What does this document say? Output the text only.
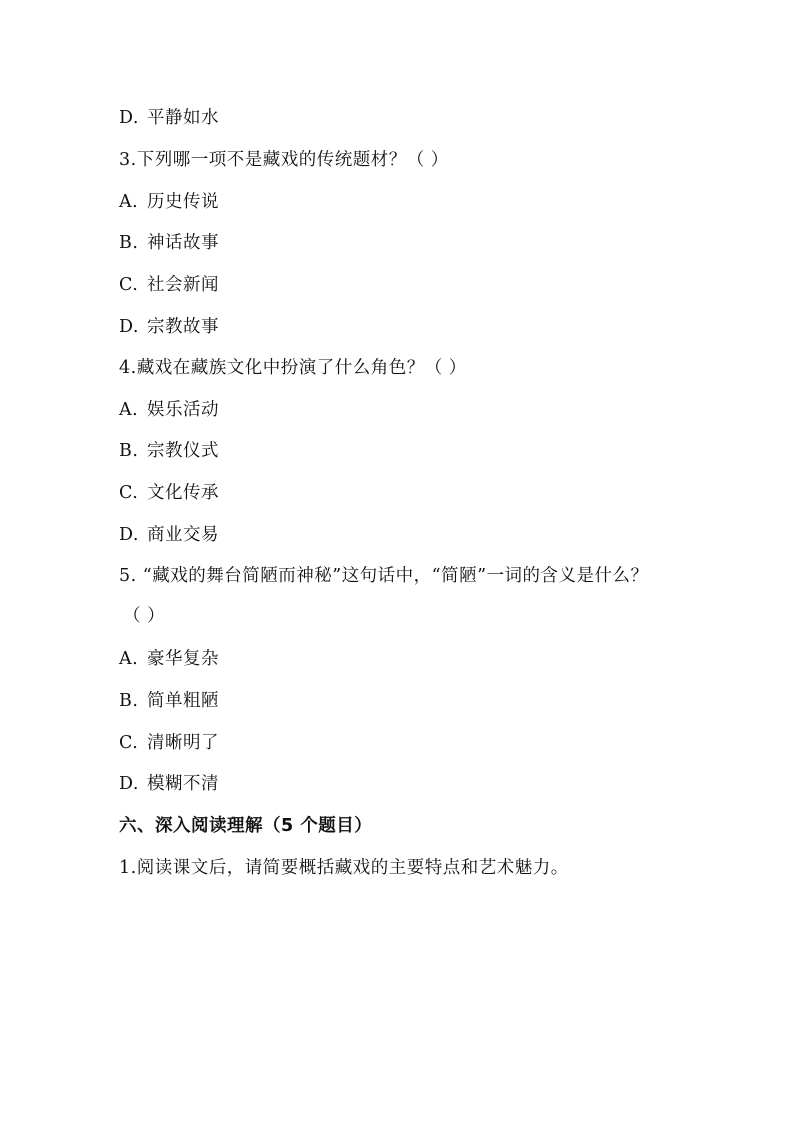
D. 平静如水
3.下列哪一项不是藏戏的传统题材？（ ）
A. 历史传说
B. 神话故事
C. 社会新闻
D. 宗教故事
4.藏戏在藏族文化中扮演了什么角色？（ ）
A. 娱乐活动
B. 宗教仪式
C. 文化传承
D. 商业交易
5. “藏戏的舞台简陋而神秘”这句话中，“简陋”一词的含义是什么？
（ ）
A. 豪华复杂
B. 简单粗陋
C. 清晰明了
D. 模糊不清
六、深入阅读理解（5 个题目）
1.阅读课文后，请简要概括藏戏的主要特点和艺术魅力。
